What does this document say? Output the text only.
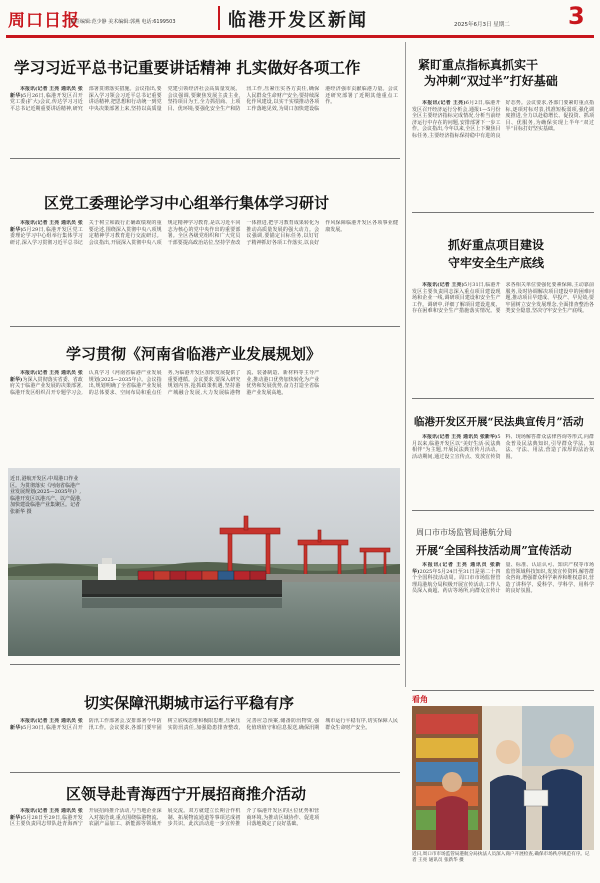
周口日报
责任编辑:范少静 美术编辑:郭燕 电话:6199503	临港开发区新闻	2025年6月3日 星期二 3
学习习近平总书记重要讲话精神 扎实做好各项工作

本报讯(记者 王亮 通讯员 张新华)5月26日,临港开发区召开党工委(扩大)会议,传达学习习近平总书记近期重要讲话精神,研究部署贯彻落实措施。会议指出,要深入学习领会习近平总书记重要讲话精神,把思想和行动统一到党中央决策部署上来,坚持以高质量党建引领经济社会高质量发展。会议强调,要聚焦发展主责主业,坚持项目为王,全力抓招商、上项目、优环境;要强化安全生产和防汛工作,压紧压实各方责任,确保人民群众生命财产安全;要持续深化作风建设,以实干实绩推动各项工作落地见效,为周口加快建设临港经济强市贡献临港力量。会议还研究部署了近期其他重点工作。

区党工委理论学习中心组举行集体学习研讨

本报讯(记者 王亮 通讯员 张新华)5月29日,临港开发区党工委理论学习中心组举行集体学习研讨,深入学习贯彻习近平总书记关于树立和践行正确政绩观的重要论述,围绕深入贯彻中央八项规定精神学习教育进行交流研讨。会议指出,开展深入贯彻中央八项规定精神学习教育,是以习近平同志为核心的党中央作出的重要部署。全区各级党组织和广大党员干部要提高政治站位,坚持学查改一体推进,把学习教育成果转化为推动高质量发展的强大动力。会议强调,要锚定目标任务,以钉钉子精神抓好各项工作落实,以良好作风保障临港开发区各项事业健康发展。

学习贯彻《河南省临港产业发展规划》

本报讯(记者 王亮 通讯员 张新华)为深入贯彻落实省委、省政府关于临港产业发展的决策部署,临港开发区组织召开专题学习会,认真学习《河南省临港产业发展规划(2025—2035年)》。会议指出,规划明确了全省临港产业发展的总体要求、空间布局和重点任务,为临港开发区加快发展提供了重要遵循。会议要求,要深入研究规划内容,抢抓政策机遇,坚持港产城融合发展,大力发展临港物流、装备制造、新材料等主导产业,推动港口优势加快转化为产业优势和发展优势,奋力打造全省临港产业发展高地。

近日,港航开发区:中周港口作业区。为贯彻落实《河南省临港产业发展规划(2025—2035年)》,临港开发区以港兴产、以产促港,加快建设临港产业集聚区。记者 张新华 摄
切实保障汛期城市运行平稳有序

本报讯(记者 王亮 通讯员 张新华)5月30日,临港开发区召开防汛工作部署会,安排部署今年防汛工作。会议要求,各部门要牢固树立底线思维和极限思维,压紧压实防汛责任,加强隐患排查整改,完善应急预案,储备防汛物资,强化值班值守和信息报送,确保汛期城市运行平稳有序,切实保障人民群众生命财产安全。

区领导赴青海西宁开展招商推介活动

本报讯(记者 王亮 通讯员 张新华)5月28日至29日,临港开发区主要负责同志带队赴青海西宁开展招商推介活动,与当地企业深入对接洽谈,重点围绕临港物流、农副产品加工、新能源等领域开展交流。双方就建立长期合作机制、拓展物流通道等事项达成初步共识。此次活动进一步宣传推介了临港开发区的区位优势和营商环境,为推动区域协作、促进项目落地奠定了良好基础。

紧盯重点指标真抓实干
为冲刺“双过半”打好基础

本报讯(记者 王亮)6月2日,临港开发区召开经济运行分析会,通报1—5月份全区主要经济指标完成情况,分析当前经济运行中存在的问题,安排部署下一步工作。会议指出,今年以来,全区上下聚焦目标任务,主要经济指标保持稳中有进的良好态势。会议要求,各部门要紧盯重点指标,逐项对标对表,找准短板弱项,强化调度推进,全力以赴稳增长、促投资、抓项目、优服务,为确保实现上半年“双过半”目标打好坚实基础。

抓好重点项目建设
守牢安全生产底线

本报讯(记者 王亮)5月31日,临港开发区主要负责同志深入重点项目建设现场和企业一线,调研项目建设和安全生产工作。调研中,详细了解项目建设进度、存在困难和安全生产措施落实情况。要求各相关单位要强化要素保障,主动靠前服务,及时协调解决项目建设中的困难问题,推动项目早建成、早投产、早见效;要牢固树立安全发展理念,全面排查整治各类安全隐患,坚决守牢安全生产底线。

临港开发区开展“民法典宣传月”活动

本报讯(记者 王亮 通讯员 张新华)5月以来,临港开发区以“美好生活·民法典相伴”为主题,开展民法典宣传月活动。活动期间,通过设立宣传点、发放宣传资料、现场解答群众法律咨询等形式,向群众普及民法典知识,引导群众学法、知法、守法、用法,营造了浓厚的法治氛围。

周口市市场监管局港航分局
开展“全国科技活动周”宣传活动

本报讯(记者 王亮 通讯员 张新华)2025年5月24日至31日是第二十四个全国科技活动周。周口市市场监督管理局港航分局积极开展宣传活动,工作人员深入商超、药店等场所,向群众宣传计量、标准、认证认可、知识产权等市场监管领域科技知识,发放宣传资料,解答群众咨询,增强群众科学素养和维权意识,营造了讲科学、爱科学、学科学、用科学的良好氛围。

看角
近日,周口市市场监管局港航分局执法人员深入商户开展检查,确保市场秩序规范有序。记者 王亮 通讯员 张新华 摄
